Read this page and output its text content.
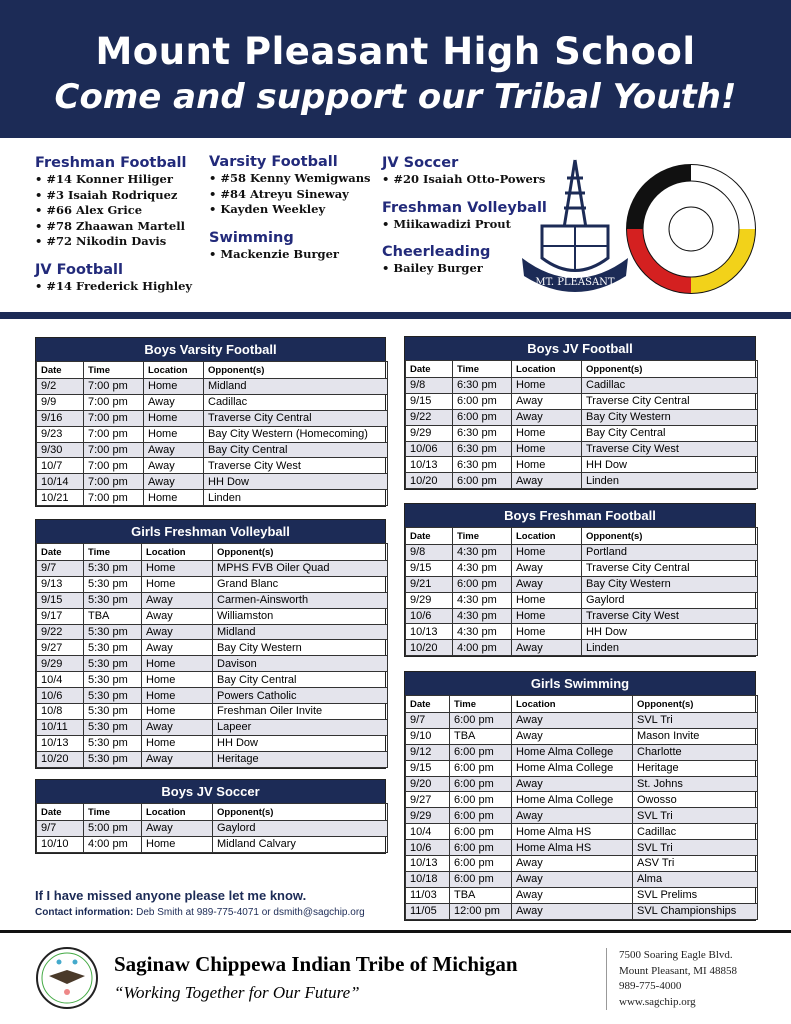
Mount Pleasant High School
Come and support our Tribal Youth!
Freshman Football
• #14 Konner Hiliger
• #3 Isaiah Rodriquez
• #66 Alex Grice
• #78 Zhaawan Martell
• #72 Nikodin Davis
JV Football
• #14 Frederick Highley
Varsity Football
• #58 Kenny Wemigwans
• #84 Atreyu Sineway
• Kayden Weekley
Swimming
• Mackenzie Burger
JV Soccer
• #20 Isaiah Otto-Powers
Freshman Volleyball
• Miikawadizi Prout
Cheerleading
• Bailey Burger
MT. PLEASANT
Boys Varsity Football
Date	Time	Location	Opponent(s)
9/2	7:00 pm	Home	Midland
9/9	7:00 pm	Away	Cadillac
9/16	7:00 pm	Home	Traverse City Central
9/23	7:00 pm	Home	Bay City Western (Homecoming)
9/30	7:00 pm	Away	Bay City Central
10/7	7:00 pm	Away	Traverse City West
10/14	7:00 pm	Away	HH Dow
10/21	7:00 pm	Home	Linden
Girls Freshman Volleyball
Date	Time	Location	Opponent(s)
9/7	5:30 pm	Home	MPHS FVB Oiler Quad
9/13	5:30 pm	Home	Grand Blanc
9/15	5:30 pm	Away	Carmen-Ainsworth
9/17	TBA	Away	Williamston
9/22	5:30 pm	Away	Midland
9/27	5:30 pm	Away	Bay City Western
9/29	5:30 pm	Home	Davison
10/4	5:30 pm	Home	Bay City Central
10/6	5:30 pm	Home	Powers Catholic
10/8	5:30 pm	Home	Freshman Oiler Invite
10/11	5:30 pm	Away	Lapeer
10/13	5:30 pm	Home	HH Dow
10/20	5:30 pm	Away	Heritage
Boys JV Soccer
Date	Time	Location	Opponent(s)
9/7	5:00 pm	Away	Gaylord
10/10	4:00 pm	Home	Midland Calvary
Boys JV Football
Date	Time	Location	Opponent(s)
9/8	6:30 pm	Home	Cadillac
9/15	6:00 pm	Away	Traverse City Central
9/22	6:00 pm	Away	Bay City Western
9/29	6:30 pm	Home	Bay City Central
10/06	6:30 pm	Home	Traverse City West
10/13	6:30 pm	Home	HH Dow
10/20	6:00 pm	Away	Linden
Boys Freshman Football
Date	Time	Location	Opponent(s)
9/8	4:30 pm	Home	Portland
9/15	4:30 pm	Away	Traverse City Central
9/21	6:00 pm	Away	Bay City Western
9/29	4:30 pm	Home	Gaylord
10/6	4:30 pm	Home	Traverse City West
10/13	4:30 pm	Home	HH Dow
10/20	4:00 pm	Away	Linden
Girls Swimming
Date	Time	Location	Opponent(s)
9/7	6:00 pm	Away	SVL Tri
9/10	TBA	Away	Mason Invite
9/12	6:00 pm	Home Alma College	Charlotte
9/15	6:00 pm	Home Alma College	Heritage
9/20	6:00 pm	Away	St. Johns
9/27	6:00 pm	Home Alma College	Owosso
9/29	6:00 pm	Away	SVL Tri
10/4	6:00 pm	Home Alma HS	Cadillac
10/6	6:00 pm	Home Alma HS	SVL Tri
10/13	6:00 pm	Away	ASV Tri
10/18	6:00 pm	Away	Alma
11/03	TBA	Away	SVL Prelims
11/05	12:00 pm	Away	SVL Championships
If I have missed anyone please let me know.
Contact information: Deb Smith at 989-775-4071 or dsmith@sagchip.org
Saginaw Chippewa Indian Tribe of Michigan
“Working Together for Our Future”
7500 Soaring Eagle Blvd.
Mount Pleasant, MI 48858
989-775-4000
www.sagchip.org
